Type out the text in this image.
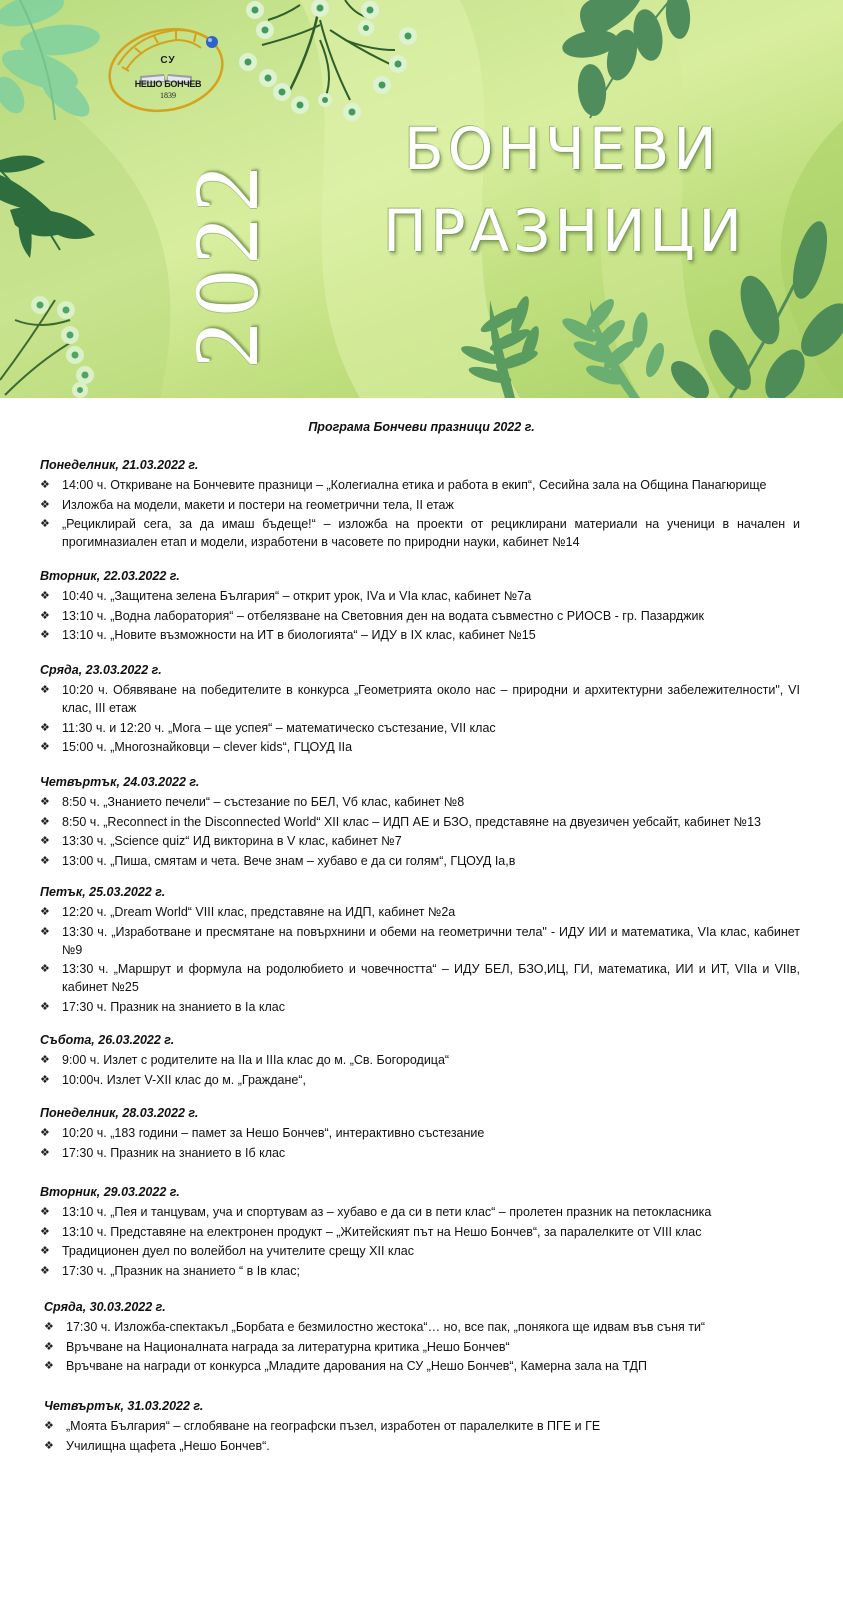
СУ
НЕШО БОНЧЕВ
1839
2022
БОНЧЕВИ
ПРАЗНИЦИ
Програма Бончеви празници 2022 г.
Понеделник, 21.03.2022 г.
❖ 14:00 ч. Откриване на Бончевите празници – „Колегиална етика и работа в екип“, Сесийна зала на Община Панагюрище
❖ Изложба на модели, макети и постери на геометрични тела, II етаж
❖ „Рециклирай сега, за да имаш бъдеще!“ – изложба на проекти от рециклирани материали на ученици в начален и прогимназиален етап и модели, изработени в часовете по природни науки, кабинет №14
Вторник, 22.03.2022 г.
❖ 10:40 ч. „Защитена зелена България“ – открит урок, IVа и VIа клас, кабинет №7а
❖ 13:10 ч. „Водна лаборатория“ – отбелязване на Световния ден на водата съвместно с РИОСВ - гр. Пазарджик
❖ 13:10 ч. „Новите възможности на ИТ в биологията“ – ИДУ в IX клас, кабинет №15
Сряда, 23.03.2022 г.
❖ 10:20 ч. Обявяване на победителите в конкурса „Геометрията около нас – природни и архитектурни забележителности", VI клас, III етаж
❖ 11:30 ч. и 12:20 ч. „Мога – ще успея“ – математическо състезание, VII клас
❖ 15:00 ч. „Многознайковци – clever kids“, ГЦОУД IIа
Четвъртък, 24.03.2022 г.
❖ 8:50 ч. „Знанието печели“ – състезание по БЕЛ, Vб клас, кабинет №8
❖ 8:50 ч. „Reconnect in the Disconnected World“ XII клас – ИДП АЕ и БЗО, представяне на двуезичен уебсайт, кабинет №13
❖ 13:30 ч. „Science quiz“ ИД викторина в V клас, кабинет №7
❖ 13:00 ч. „Пиша, смятам и чета. Вече знам – хубаво е да си голям“, ГЦОУД Iа,в
Петък, 25.03.2022 г.
❖ 12:20 ч. „Dream World“ VIII клас, представяне на ИДП, кабинет №2а
❖ 13:30 ч. „Изработване и пресмятане на повърхнини и обеми на геометрични тела" - ИДУ ИИ и математика, VIа клас, кабинет №9
❖ 13:30 ч. „Маршрут и формула на родолюбието и човечността“ – ИДУ БЕЛ, БЗО,ИЦ, ГИ, математика, ИИ и ИТ, VIIа и VIIв, кабинет №25
❖ 17:30 ч. Празник на знанието в Iа клас
Събота, 26.03.2022 г.
❖ 9:00 ч. Излет с родителите на IIа и IIIа клас до м. „Св. Богородица“
❖ 10:00ч. Излет V-XII клас до м. „Граждане“,
Понеделник, 28.03.2022 г.
❖ 10:20 ч. „183 години – памет за Нешо Бончев“, интерактивно състезание
❖ 17:30 ч. Празник на знанието в Iб клас
Вторник, 29.03.2022 г.
❖ 13:10 ч. „Пея и танцувам, уча и спортувам аз – хубаво е да си в пети клас“ – пролетен празник на петокласника
❖ 13:10 ч. Представяне на електронен продукт – „Житейският път на Нешо Бончев“, за паралелките от VIII клас
❖ Традиционен дуел по волейбол на учителите срещу XII клас
❖ 17:30 ч. „Празник на знанието “ в Iв клас;
Сряда, 30.03.2022 г.
❖ 17:30 ч. Изложба-спектакъл „Борбата е безмилостно жестока“… но, все пак, „понякога ще идвам във съня ти“
❖ Връчване на Националната награда за литературна критика „Нешо Бончев“
❖ Връчване на награди от конкурса „Младите дарования на СУ „Нешо Бончев“, Камерна зала на ТДП
Четвъртък, 31.03.2022 г.
❖ „Моята България“ – сглобяване на географски пъзел, изработен от паралелките в ПГЕ и ГЕ
❖ Училищна щафета „Нешо Бончев“.
